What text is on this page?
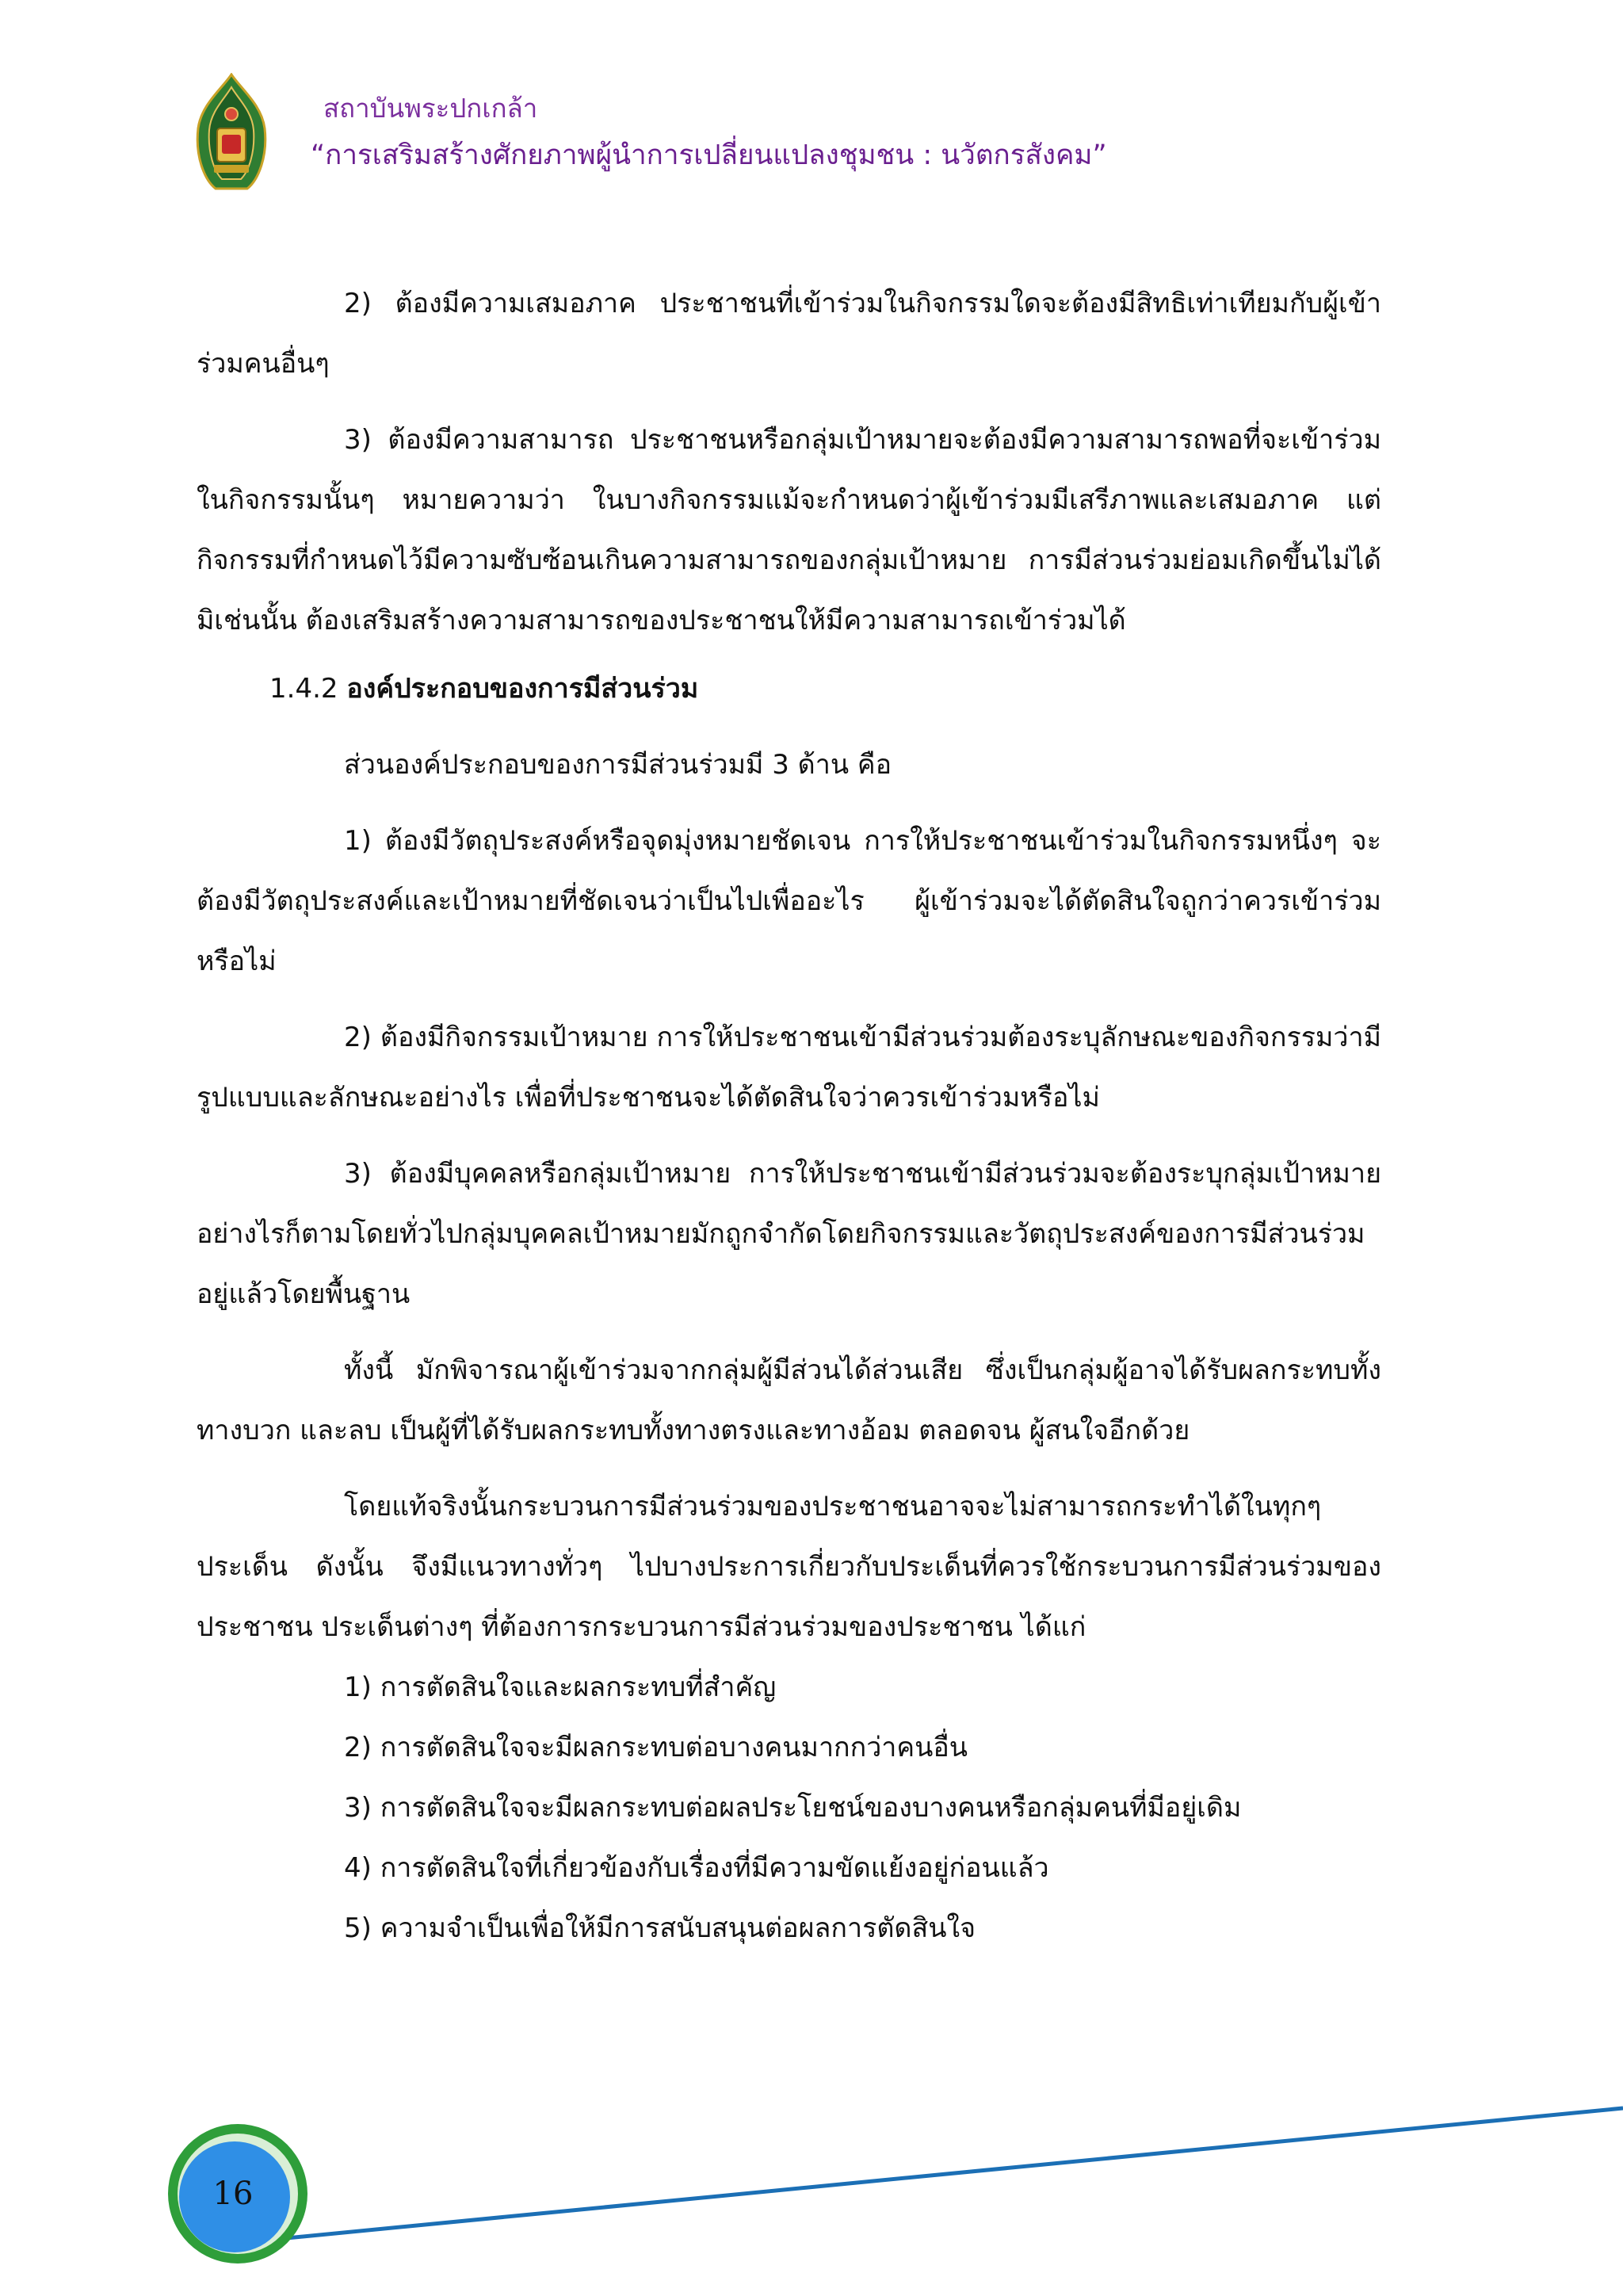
สถาบันพระปกเกล้า
“การเสริมสร้างศักยภาพผู้นำการเปลี่ยนแปลงชุมชน : นวัตกรสังคม”

2) ต้องมีความเสมอภาค ประชาชนที่เข้าร่วมในกิจกรรมใดจะต้องมีสิทธิเท่าเทียมกับผู้เข้าร่วมคนอื่นๆ

3) ต้องมีความสามารถ ประชาชนหรือกลุ่มเป้าหมายจะต้องมีความสามารถพอที่จะเข้าร่วมในกิจกรรมนั้นๆ หมายความว่า ในบางกิจกรรมแม้จะกำหนดว่าผู้เข้าร่วมมีเสรีภาพและเสมอภาค แต่กิจกรรมที่กำหนดไว้มีความซับซ้อนเกินความสามารถของกลุ่มเป้าหมาย การมีส่วนร่วมย่อมเกิดขึ้นไม่ได้ มิเช่นนั้น ต้องเสริมสร้างความสามารถของประชาชนให้มีความสามารถเข้าร่วมได้

1.4.2 องค์ประกอบของการมีส่วนร่วม

ส่วนองค์ประกอบของการมีส่วนร่วมมี 3 ด้าน คือ

1) ต้องมีวัตถุประสงค์หรือจุดมุ่งหมายชัดเจน การให้ประชาชนเข้าร่วมในกิจกรรมหนึ่งๆ จะต้องมีวัตถุประสงค์และเป้าหมายที่ชัดเจนว่าเป็นไปเพื่ออะไร ผู้เข้าร่วมจะได้ตัดสินใจถูกว่าควรเข้าร่วมหรือไม่

2) ต้องมีกิจกรรมเป้าหมาย การให้ประชาชนเข้ามีส่วนร่วมต้องระบุลักษณะของกิจกรรมว่ามีรูปแบบและลักษณะอย่างไร เพื่อที่ประชาชนจะได้ตัดสินใจว่าควรเข้าร่วมหรือไม่

3) ต้องมีบุคคลหรือกลุ่มเป้าหมาย การให้ประชาชนเข้ามีส่วนร่วมจะต้องระบุกลุ่มเป้าหมาย อย่างไรก็ตามโดยทั่วไปกลุ่มบุคคลเป้าหมายมักถูกจำกัดโดยกิจกรรมและวัตถุประสงค์ของการมีส่วนร่วมอยู่แล้วโดยพื้นฐาน

ทั้งนี้ มักพิจารณาผู้เข้าร่วมจากกลุ่มผู้มีส่วนได้ส่วนเสีย ซึ่งเป็นกลุ่มผู้อาจได้รับผลกระทบทั้งทางบวก และลบ เป็นผู้ที่ได้รับผลกระทบทั้งทางตรงและทางอ้อม ตลอดจน ผู้สนใจอีกด้วย

โดยแท้จริงนั้นกระบวนการมีส่วนร่วมของประชาชนอาจจะไม่สามารถกระทำได้ในทุกๆ ประเด็น ดังนั้น จึงมีแนวทางทั่วๆ ไปบางประการเกี่ยวกับประเด็นที่ควรใช้กระบวนการมีส่วนร่วมของประชาชน ประเด็นต่างๆ ที่ต้องการกระบวนการมีส่วนร่วมของประชาชน ได้แก่

1) การตัดสินใจและผลกระทบที่สำคัญ
2) การตัดสินใจจะมีผลกระทบต่อบางคนมากกว่าคนอื่น
3) การตัดสินใจจะมีผลกระทบต่อผลประโยชน์ของบางคนหรือกลุ่มคนที่มีอยู่เดิม
4) การตัดสินใจที่เกี่ยวข้องกับเรื่องที่มีความขัดแย้งอยู่ก่อนแล้ว
5) ความจำเป็นเพื่อให้มีการสนับสนุนต่อผลการตัดสินใจ
16
